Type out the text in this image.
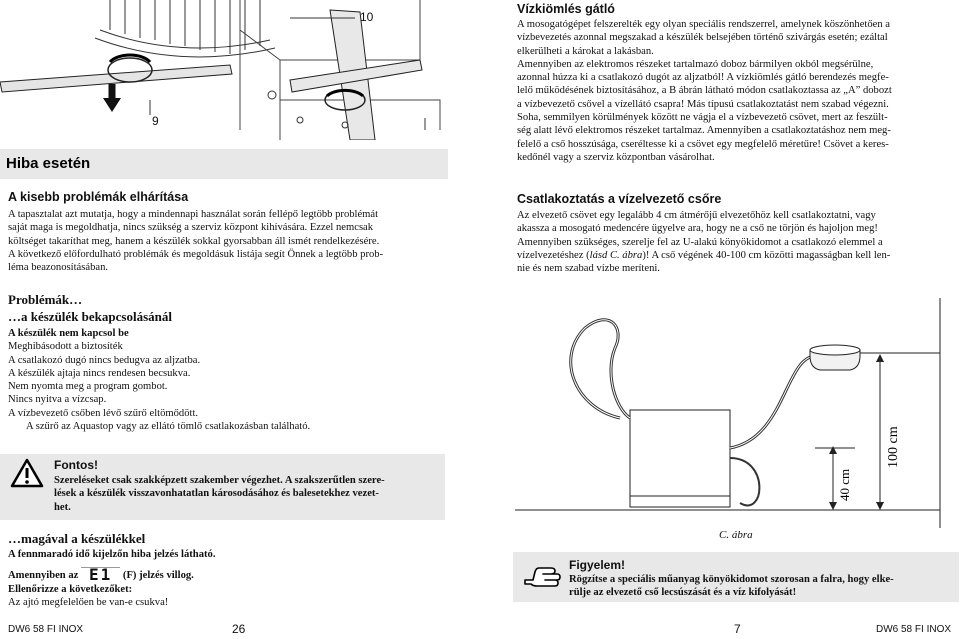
10
9
Hiba esetén
A kisebb problémák elhárítása

A tapasztalat azt mutatja, hogy a mindennapi használat során fellépő legtöbb problémát

saját maga is megoldhatja, nincs szükség a szerviz központ kihívására. Ezzel nemcsak

költséget takaríthat meg, hanem a készülék sokkal gyorsabban áll ismét rendelkezésére.

A következő előfordulható problémák és megoldásuk listája segít Önnek a legtöbb prob-

léma beazonosításában.

Problémák…
…a készülék bekapcsolásánál

A készülék nem kapcsol be

Meghibásodott a biztosíték

A csatlakozó dugó nincs bedugva az aljzatba.

A készülék ajtaja nincs rendesen becsukva.

Nem nyomta meg a program gombot.

Nincs nyitva a vízcsap.

A vízbevezető csőben lévő szűrő eltömődött.

A szűrő az Aquastop vagy az ellátó tömlő csatlakozásban található.

Fontos!
Szereléseket csak szakképzett szakember végezhet. A szakszerűtlen szere-
lések a készülék visszavonhatatlan károsodásához és balesetekhez vezet-
het.
…magával a készülékkel

A fennmaradó idő kijelzőn hiba jelzés látható.

Amennyiben az E1 (F) jelzés villog.

Ellenőrizze a következőket:

Az ajtó megfelelően be van-e csukva!

DW6 58 FI INOX	26
Vízkiömlés gátló

A mosogatógépet felszerelték egy olyan speciális rendszerrel, amelynek köszönhetően a

vízbevezetés azonnal megszakad a készülék belsejében történő szivárgás esetén; ezáltal

elkerülheti a károkat a lakásban.

Amennyiben az elektromos részeket tartalmazó doboz bármilyen okból megsérülne,

azonnal húzza ki a csatlakozó dugót az aljzatból! A vízkiömlés gátló berendezés megfe-

lelő működésének biztosításához, a B ábrán látható módon csatlakoztassa az „A” dobozt

a vízbevezető csővel a vízellátó csapra! Más típusú csatlakoztatást nem szabad végezni.

Soha, semmilyen körülmények között ne vágja el a vízbevezető csövet, mert az feszült-

ség alatt lévő elektromos részeket tartalmaz. Amennyiben a csatlakoztatáshoz nem meg-

felelő a cső hosszúsága, cseréltesse ki a csövet egy megfelelő méretűre! Csövet a keres-

kedőnél vagy a szerviz központban vásárolhat.

Csatlakoztatás a vízelvezető csőre

Az elvezető csövet egy legalább 4 cm átmérőjű elvezetőhöz kell csatlakoztatni, vagy

akassza a mosogató medencére ügyelve ara, hogy ne a cső ne törjön és hajoljon meg!

Amennyiben szükséges, szerelje fel az U-alakú könyökidomot a csatlakozó elemmel a

vízelvezetéshez (lásd C. ábra)! A cső végének 40-100 cm közötti magasságban kell len-

nie és nem szabad vízbe meríteni.

100 cm
40 cm
C. ábra
Figyelem!
Rögzítse a speciális műanyag könyökidomot szorosan a falra, hogy elke-
rülje az elvezető cső lecsúszását és a víz kifolyását!
7	DW6 58 FI INOX
